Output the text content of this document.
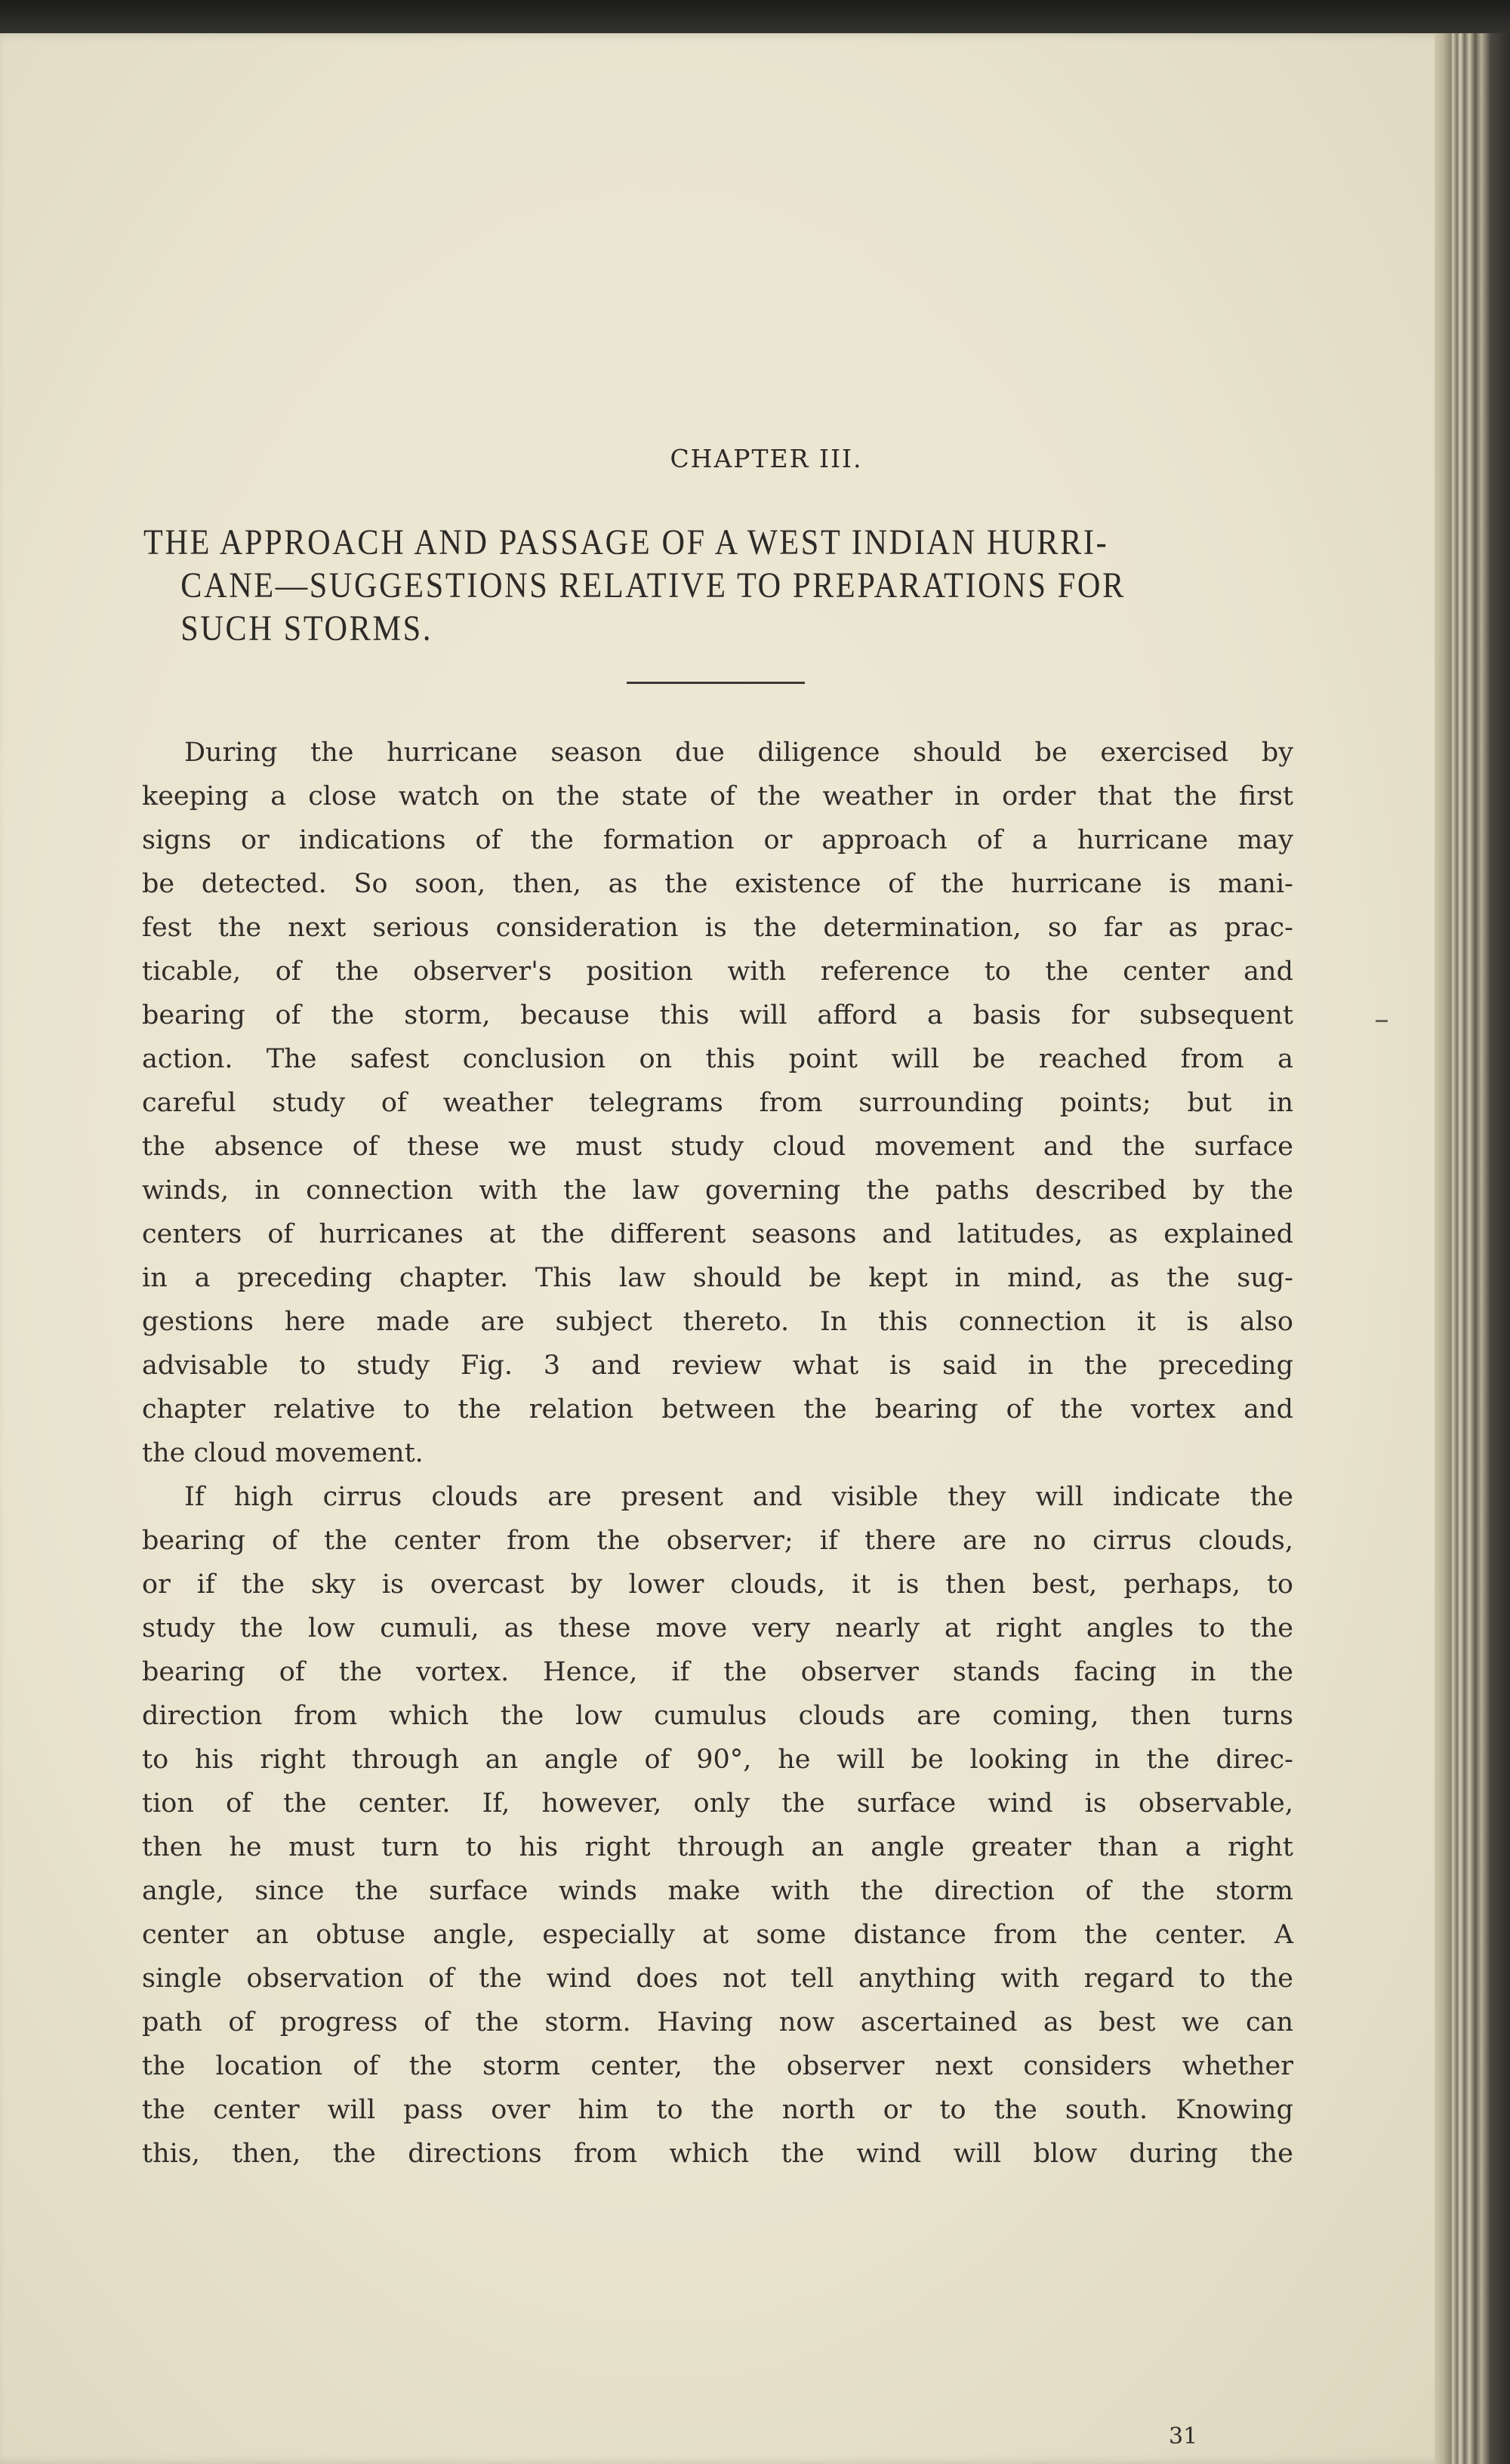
CHAPTER III.
THE APPROACH AND PASSAGE OF A WEST INDIAN HURRI-
CANE—SUGGESTIONS RELATIVE TO PREPARATIONS FOR
SUCH STORMS.
During the hurricane season due diligence should be exercised by
keeping a close watch on the state of the weather in order that the first
signs or indications of the formation or approach of a hurricane may
be detected. So soon, then, as the existence of the hurricane is mani-
fest the next serious consideration is the determination, so far as prac-
ticable, of the observer's position with reference to the center and
bearing of the storm, because this will afford a basis for subsequent
action. The safest conclusion on this point will be reached from a
careful study of weather telegrams from surrounding points; but in
the absence of these we must study cloud movement and the surface
winds, in connection with the law governing the paths described by the
centers of hurricanes at the different seasons and latitudes, as explained
in a preceding chapter. This law should be kept in mind, as the sug-
gestions here made are subject thereto. In this connection it is also
advisable to study Fig. 3 and review what is said in the preceding
chapter relative to the relation between the bearing of the vortex and
the cloud movement.
If high cirrus clouds are present and visible they will indicate the
bearing of the center from the observer; if there are no cirrus clouds,
or if the sky is overcast by lower clouds, it is then best, perhaps, to
study the low cumuli, as these move very nearly at right angles to the
bearing of the vortex. Hence, if the observer stands facing in the
direction from which the low cumulus clouds are coming, then turns
to his right through an angle of 90°, he will be looking in the direc-
tion of the center. If, however, only the surface wind is observable,
then he must turn to his right through an angle greater than a right
angle, since the surface winds make with the direction of the storm
center an obtuse angle, especially at some distance from the center. A
single observation of the wind does not tell anything with regard to the
path of progress of the storm. Having now ascertained as best we can
the location of the storm center, the observer next considers whether
the center will pass over him to the north or to the south. Knowing
this, then, the directions from which the wind will blow during the
31
